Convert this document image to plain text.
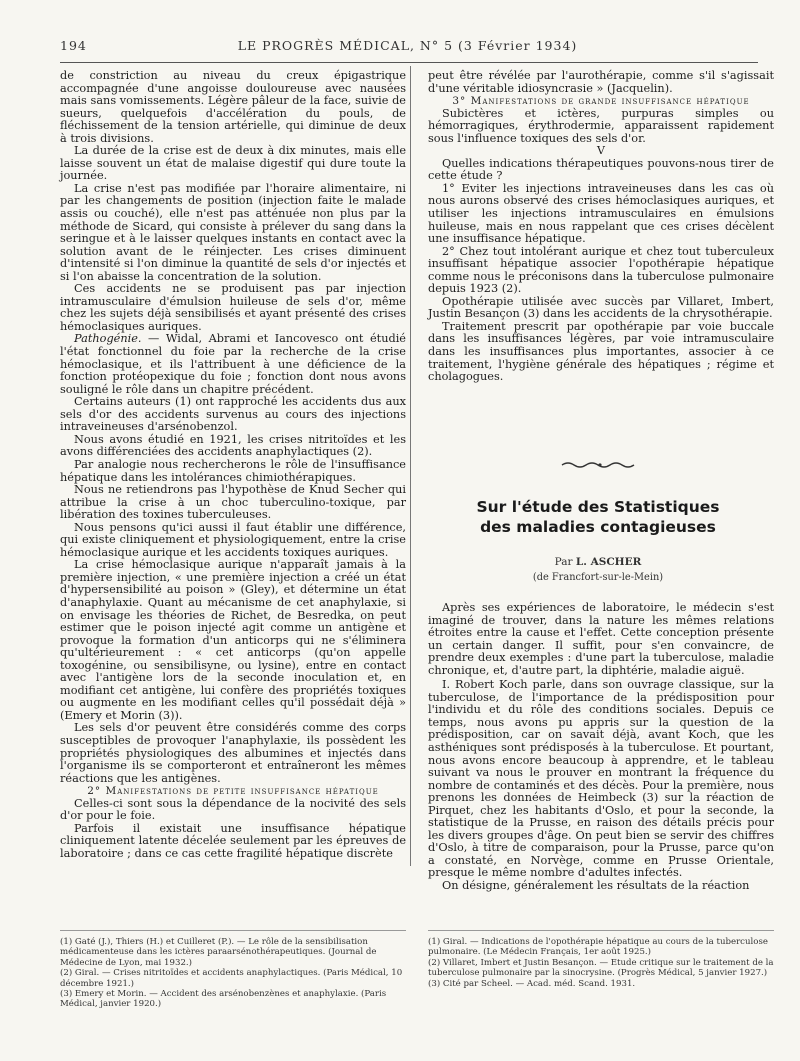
194	LE PROGRÈS MÉDICAL, N° 5 (3 Février 1934)

de constriction au niveau du creux épigastrique accompagnée d'une angoisse douloureuse avec nausées mais sans vomissements. Légère pâleur de la face, suivie de sueurs, quelquefois d'accélération du pouls, de fléchissement de la tension artérielle, qui diminue de deux à trois divisions.

La durée de la crise est de deux à dix minutes, mais elle laisse souvent un état de malaise digestif qui dure toute la journée.

La crise n'est pas modifiée par l'horaire alimentaire, ni par les changements de position (injection faite le malade assis ou couché), elle n'est pas atténuée non plus par la méthode de Sicard, qui consiste à prélever du sang dans la seringue et à le laisser quelques instants en contact avec la solution avant de le réinjecter. Les crises diminuent d'intensité si l'on diminue la quantité de sels d'or injectés et si l'on abaisse la concentration de la solution.

Ces accidents ne se produisent pas par injection intramusculaire d'émulsion huileuse de sels d'or, même chez les sujets déjà sensibilisés et ayant présenté des crises hémoclasiques auriques.

Pathogénie. — Widal, Abrami et Iancovesco ont étudié l'état fonctionnel du foie par la recherche de la crise hémoclasique, et ils l'attribuent à une déficience de la fonction protéopexique du foie ; fonction dont nous avons souligné le rôle dans un chapitre précédent.

Certains auteurs (1) ont rapproché les accidents dus aux sels d'or des accidents survenus au cours des injections intraveineuses d'arsénobenzol.

Nous avons étudié en 1921, les crises nitritoïdes et les avons différenciées des accidents anaphylactiques (2).

Par analogie nous rechercherons le rôle de l'insuffisance hépatique dans les intolérances chimiothérapiques.

Nous ne retiendrons pas l'hypothèse de Knud Secher qui attribue la crise à un choc tuberculino-toxique, par libération des toxines tuberculeuses.

Nous pensons qu'ici aussi il faut établir une différence, qui existe cliniquement et physiologiquement, entre la crise hémoclasique aurique et les accidents toxiques auriques.

La crise hémoclasique aurique n'apparaît jamais à la première injection, « une première injection a créé un état d'hypersensibilité au poison » (Gley), et détermine un état d'anaphylaxie. Quant au mécanisme de cet anaphylaxie, si on envisage les théories de Richet, de Besredka, on peut estimer que le poison injecté agit comme un antigène et provoque la formation d'un anticorps qui ne s'éliminera qu'ultérieurement : « cet anticorps (qu'on appelle toxogénine, ou sensibilisyne, ou lysine), entre en contact avec l'antigène lors de la seconde inoculation et, en modifiant cet antigène, lui confère des propriétés toxiques ou augmente en les modifiant celles qu'il possédait déjà » (Emery et Morin (3)).

Les sels d'or peuvent être considérés comme des corps susceptibles de provoquer l'anaphylaxie, ils possèdent les propriétés physiologiques des albumines et injectés dans l'organisme ils se comporteront et entraîneront les mêmes réactions que les antigènes.

2° Manifestations de petite insuffisance hépatique

Celles-ci sont sous la dépendance de la nocivité des sels d'or pour le foie.

Parfois il existait une insuffisance hépatique cliniquement latente décelée seulement par les épreuves de laboratoire ; dans ce cas cette fragilité hépatique discrète

peut être révélée par l'aurothérapie, comme s'il s'agissait d'une véritable idiosyncrasie » (Jacquelin).

3° Manifestations de grande insuffisance hépatique

Subictères et ictères, purpuras simples ou hémorragiques, érythrodermie, apparaissent rapidement sous l'influence toxiques des sels d'or.

V

Quelles indications thérapeutiques pouvons-nous tirer de cette étude ?

1° Eviter les injections intraveineuses dans les cas où nous aurons observé des crises hémoclasiques auriques, et utiliser les injections intramusculaires en émulsions huileuse, mais en nous rappelant que ces crises décèlent une insuffisance hépatique.

2° Chez tout intolérant aurique et chez tout tuberculeux insuffisant hépatique associer l'opothérapie hépatique comme nous le préconisons dans la tuberculose pulmonaire depuis 1923 (2).

Opothérapie utilisée avec succès par Villaret, Imbert, Justin Besançon (3) dans les accidents de la chrysothérapie.

Traitement prescrit par opothérapie par voie buccale dans les insuffisances légères, par voie intramusculaire dans les insuffisances plus importantes, associer à ce traitement, l'hygiène générale des hépatiques ; régime et cholagogues.

Sur l'étude des Statistiques
des maladies contagieuses
Par L. ASCHER
(de Francfort-sur-le-Mein)

Après ses expériences de laboratoire, le médecin s'est imaginé de trouver, dans la nature les mêmes relations étroites entre la cause et l'effet. Cette conception présente un certain danger. Il suffit, pour s'en convaincre, de prendre deux exemples : d'une part la tuberculose, maladie chronique, et, d'autre part, la diphtérie, maladie aiguë.

I. Robert Koch parle, dans son ouvrage classique, sur la tuberculose, de l'importance de la prédisposition pour l'individu et du rôle des conditions sociales. Depuis ce temps, nous avons pu appris sur la question de la prédisposition, car on savait déjà, avant Koch, que les asthéniques sont prédisposés à la tuberculose. Et pourtant, nous avons encore beaucoup à apprendre, et le tableau suivant va nous le prouver en montrant la fréquence du nombre de contaminés et des décès. Pour la première, nous prenons les données de Heimbeck (3) sur la réaction de Pirquet, chez les habitants d'Oslo, et pour la seconde, la statistique de la Prusse, en raison des détails précis pour les divers groupes d'âge. On peut bien se servir des chiffres d'Oslo, à titre de comparaison, pour la Prusse, parce qu'on a constaté, en Norvège, comme en Prusse Orientale, presque le même nombre d'adultes infectés.

On désigne, généralement les résultats de la réaction

(1) Gaté (J.), Thiers (H.) et Cuilleret (P.). — Le rôle de la sensibilisation médicamenteuse dans les ictères paraarsénothérapeutiques. (Journal de Médecine de Lyon, mai 1932.)

(2) Giral. — Crises nitritoïdes et accidents anaphylactiques. (Paris Médical, 10 décembre 1921.)

(3) Emery et Morin. — Accident des arsénobenzènes et anaphylaxie. (Paris Médical, janvier 1920.)

(1) Giral. — Indications de l'opothérapie hépatique au cours de la tuberculose pulmonaire. (Le Médecin Français, 1er août 1925.)

(2) Villaret, Imbert et Justin Besançon. — Etude critique sur le traitement de la tuberculose pulmonaire par la sinocrysine. (Progrès Médical, 5 janvier 1927.)

(3) Cité par Scheel. — Acad. méd. Scand. 1931.
